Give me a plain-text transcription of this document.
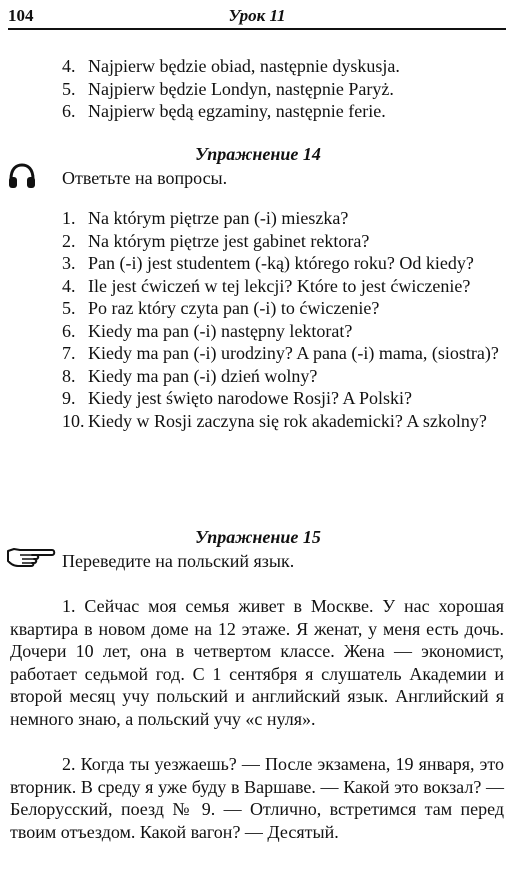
104	Урок 11
4. Najpierw będzie obiad, następnie dyskusja.
5. Najpierw będzie Londyn, następnie Paryż.
6. Najpierw będą egzaminy, następnie ferie.
Упражнение 14
Ответьте на вопросы.
1. Na którym piętrze pan (-i) mieszka?
2. Na którym piętrze jest gabinet rektora?
3. Pan (-i) jest studentem (-ką) którego roku? Od kiedy?
4. Ile jest ćwiczeń w tej lekcji? Które to jest ćwiczenie?
5. Po raz który czyta pan (-i) to ćwiczenie?
6. Kiedy ma pan (-i) następny lektorat?
7. Kiedy ma pan (-i) urodziny? A pana (-i) mama, (siostra)?
8. Kiedy ma pan (-i) dzień wolny?
9. Kiedy jest święto narodowe Rosji? A Polski?
10. Kiedy w Rosji zaczyna się rok akademicki? A szkolny?
Упражнение 15
Переведите на польский язык.

1. Сейчас моя семья живет в Москве. У нас хорошая квартира в новом доме на 12 этаже. Я женат, у меня есть дочь. Дочери 10 лет, она в четвертом классе. Жена — экономист, работает седьмой год. С 1 сентября я слушатель Академии и второй месяц учу польский и английский язык. Английский я немного знаю, а польский учу «с нуля».

2. Когда ты уезжаешь? — После экзамена, 19 января, это вторник. В среду я уже буду в Варшаве. — Какой это вокзал? — Белорусский, поезд № 9. — Отлично, встретимся там перед твоим отъездом. Какой вагон? — Десятый.
